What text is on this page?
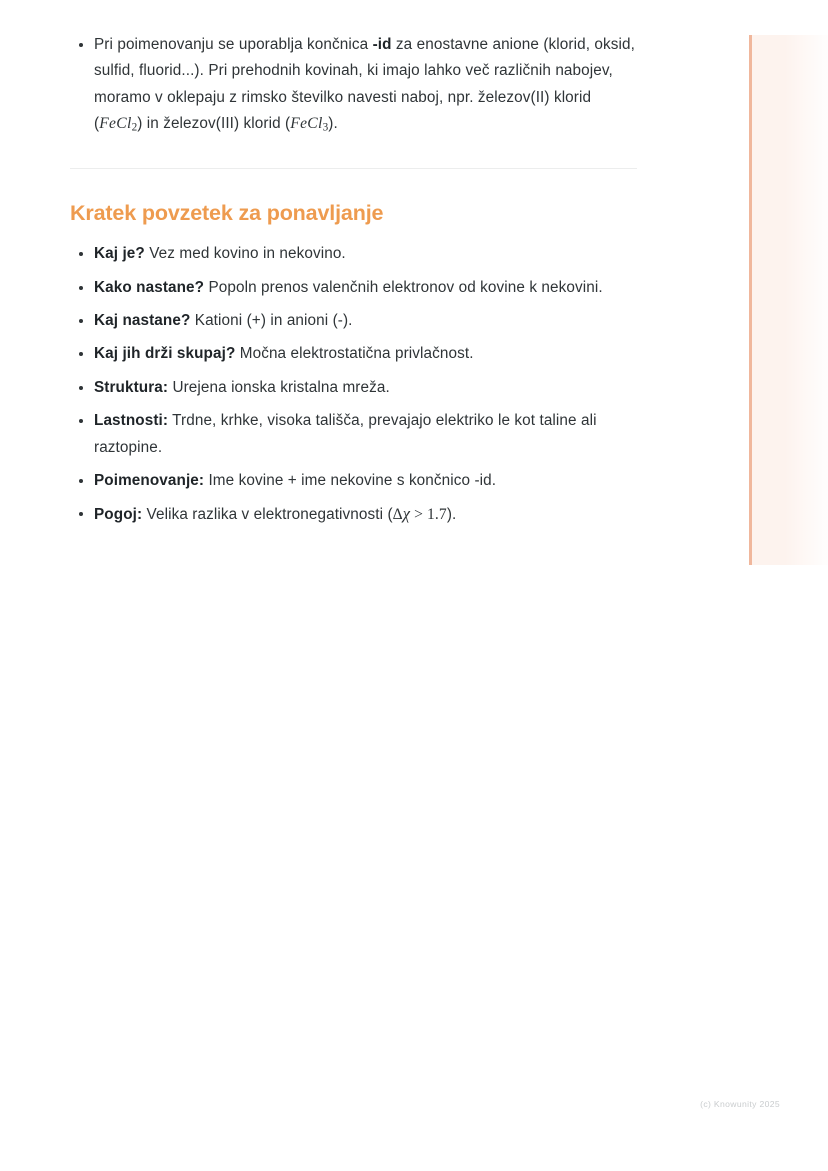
Pri poimenovanju se uporablja končnica -id za enostavne anione (klorid, oksid, sulfid, fluorid...). Pri prehodnih kovinah, ki imajo lahko več različnih nabojev, moramo v oklepaju z rimsko številko navesti naboj, npr. železov(II) klorid (FeCl$_2$) in železov(III) klorid (FeCl$_3$).
Kratek povzetek za ponavljanje
Kaj je? Vez med kovino in nekovino.
Kako nastane? Popoln prenos valenčnih elektronov od kovine k nekovini.
Kaj nastane? Kationi (+) in anioni (-).
Kaj jih drži skupaj? Močna elektrostatična privlačnost.
Struktura: Urejena ionska kristalna mreža.
Lastnosti: Trdne, krhke, visoka tališča, prevajajo elektriko le kot taline ali raztopine.
Poimenovanje: Ime kovine + ime nekovine s končnico -id.
Pogoj: Velika razlika v elektronegativnosti (Δχ > 1.7).
(c) Knowunity 2025
